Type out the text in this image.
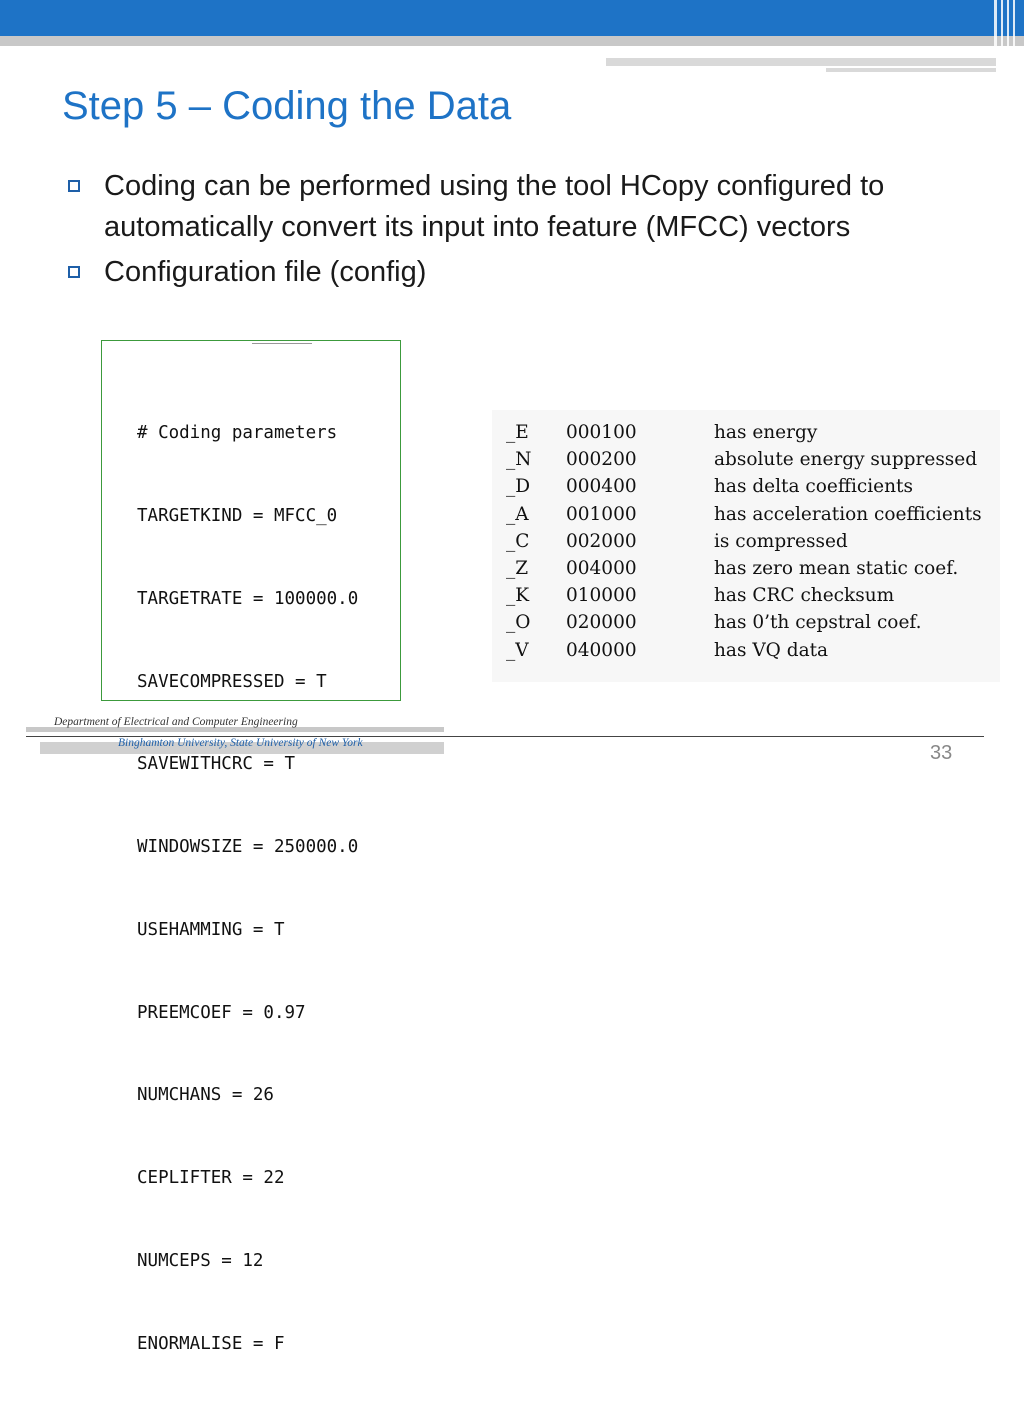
Step 5 – Coding the Data
Coding can be performed using the tool HCopy configured to automatically convert its input into feature (MFCC) vectors
Configuration file (config)

# Coding parameters

TARGETKIND = MFCC_0

TARGETRATE = 100000.0

SAVECOMPRESSED = T

SAVEWITHCRC = T

WINDOWSIZE = 250000.0

USEHAMMING = T

PREEMCOEF = 0.97

NUMCHANS = 26

CEPLIFTER = 22

NUMCEPS = 12

ENORMALISE = F

_E 000100	has energy
_N 000200	absolute energy suppressed
_D 000400	has delta coefficients
_A 001000	has acceleration coefficients
_C 002000	is compressed
_Z 004000	has zero mean static coef.
_K 010000	has CRC checksum
_O 020000	has 0’th cepstral coef.
_V 040000	has VQ data
Department of Electrical and Computer Engineering
Binghamton University, State University of New York	33
